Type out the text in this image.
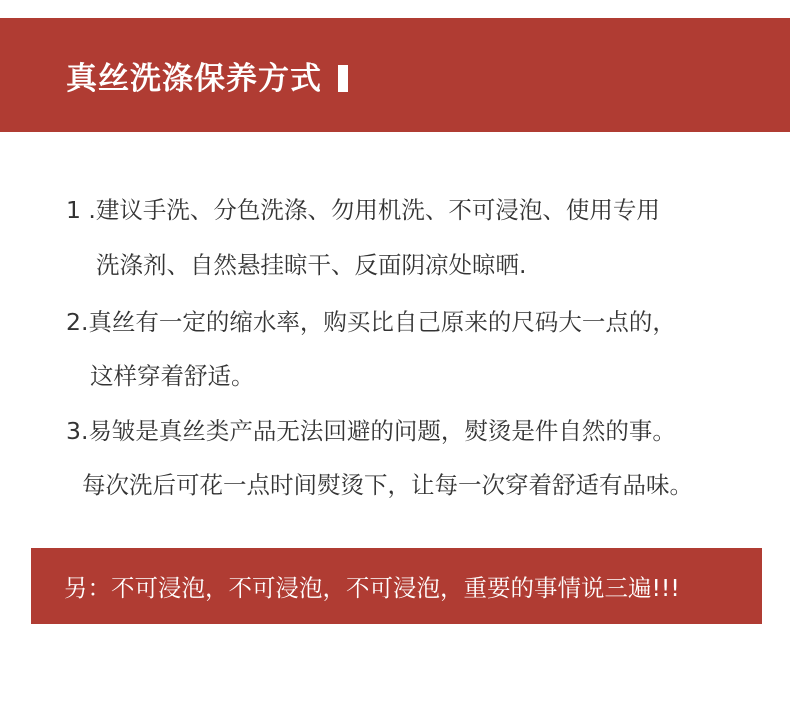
真丝洗涤保养方式
1 .建议手洗、分色洗涤、勿用机洗、不可浸泡、使用专用
洗涤剂、自然悬挂晾干、反面阴凉处晾晒.
2.真丝有一定的缩水率，购买比自己原来的尺码大一点的，
这样穿着舒适。
3.易皱是真丝类产品无法回避的问题，熨烫是件自然的事。
每次洗后可花一点时间熨烫下，让每一次穿着舒适有品味。
另：不可浸泡，不可浸泡，不可浸泡，重要的事情说三遍!!!
